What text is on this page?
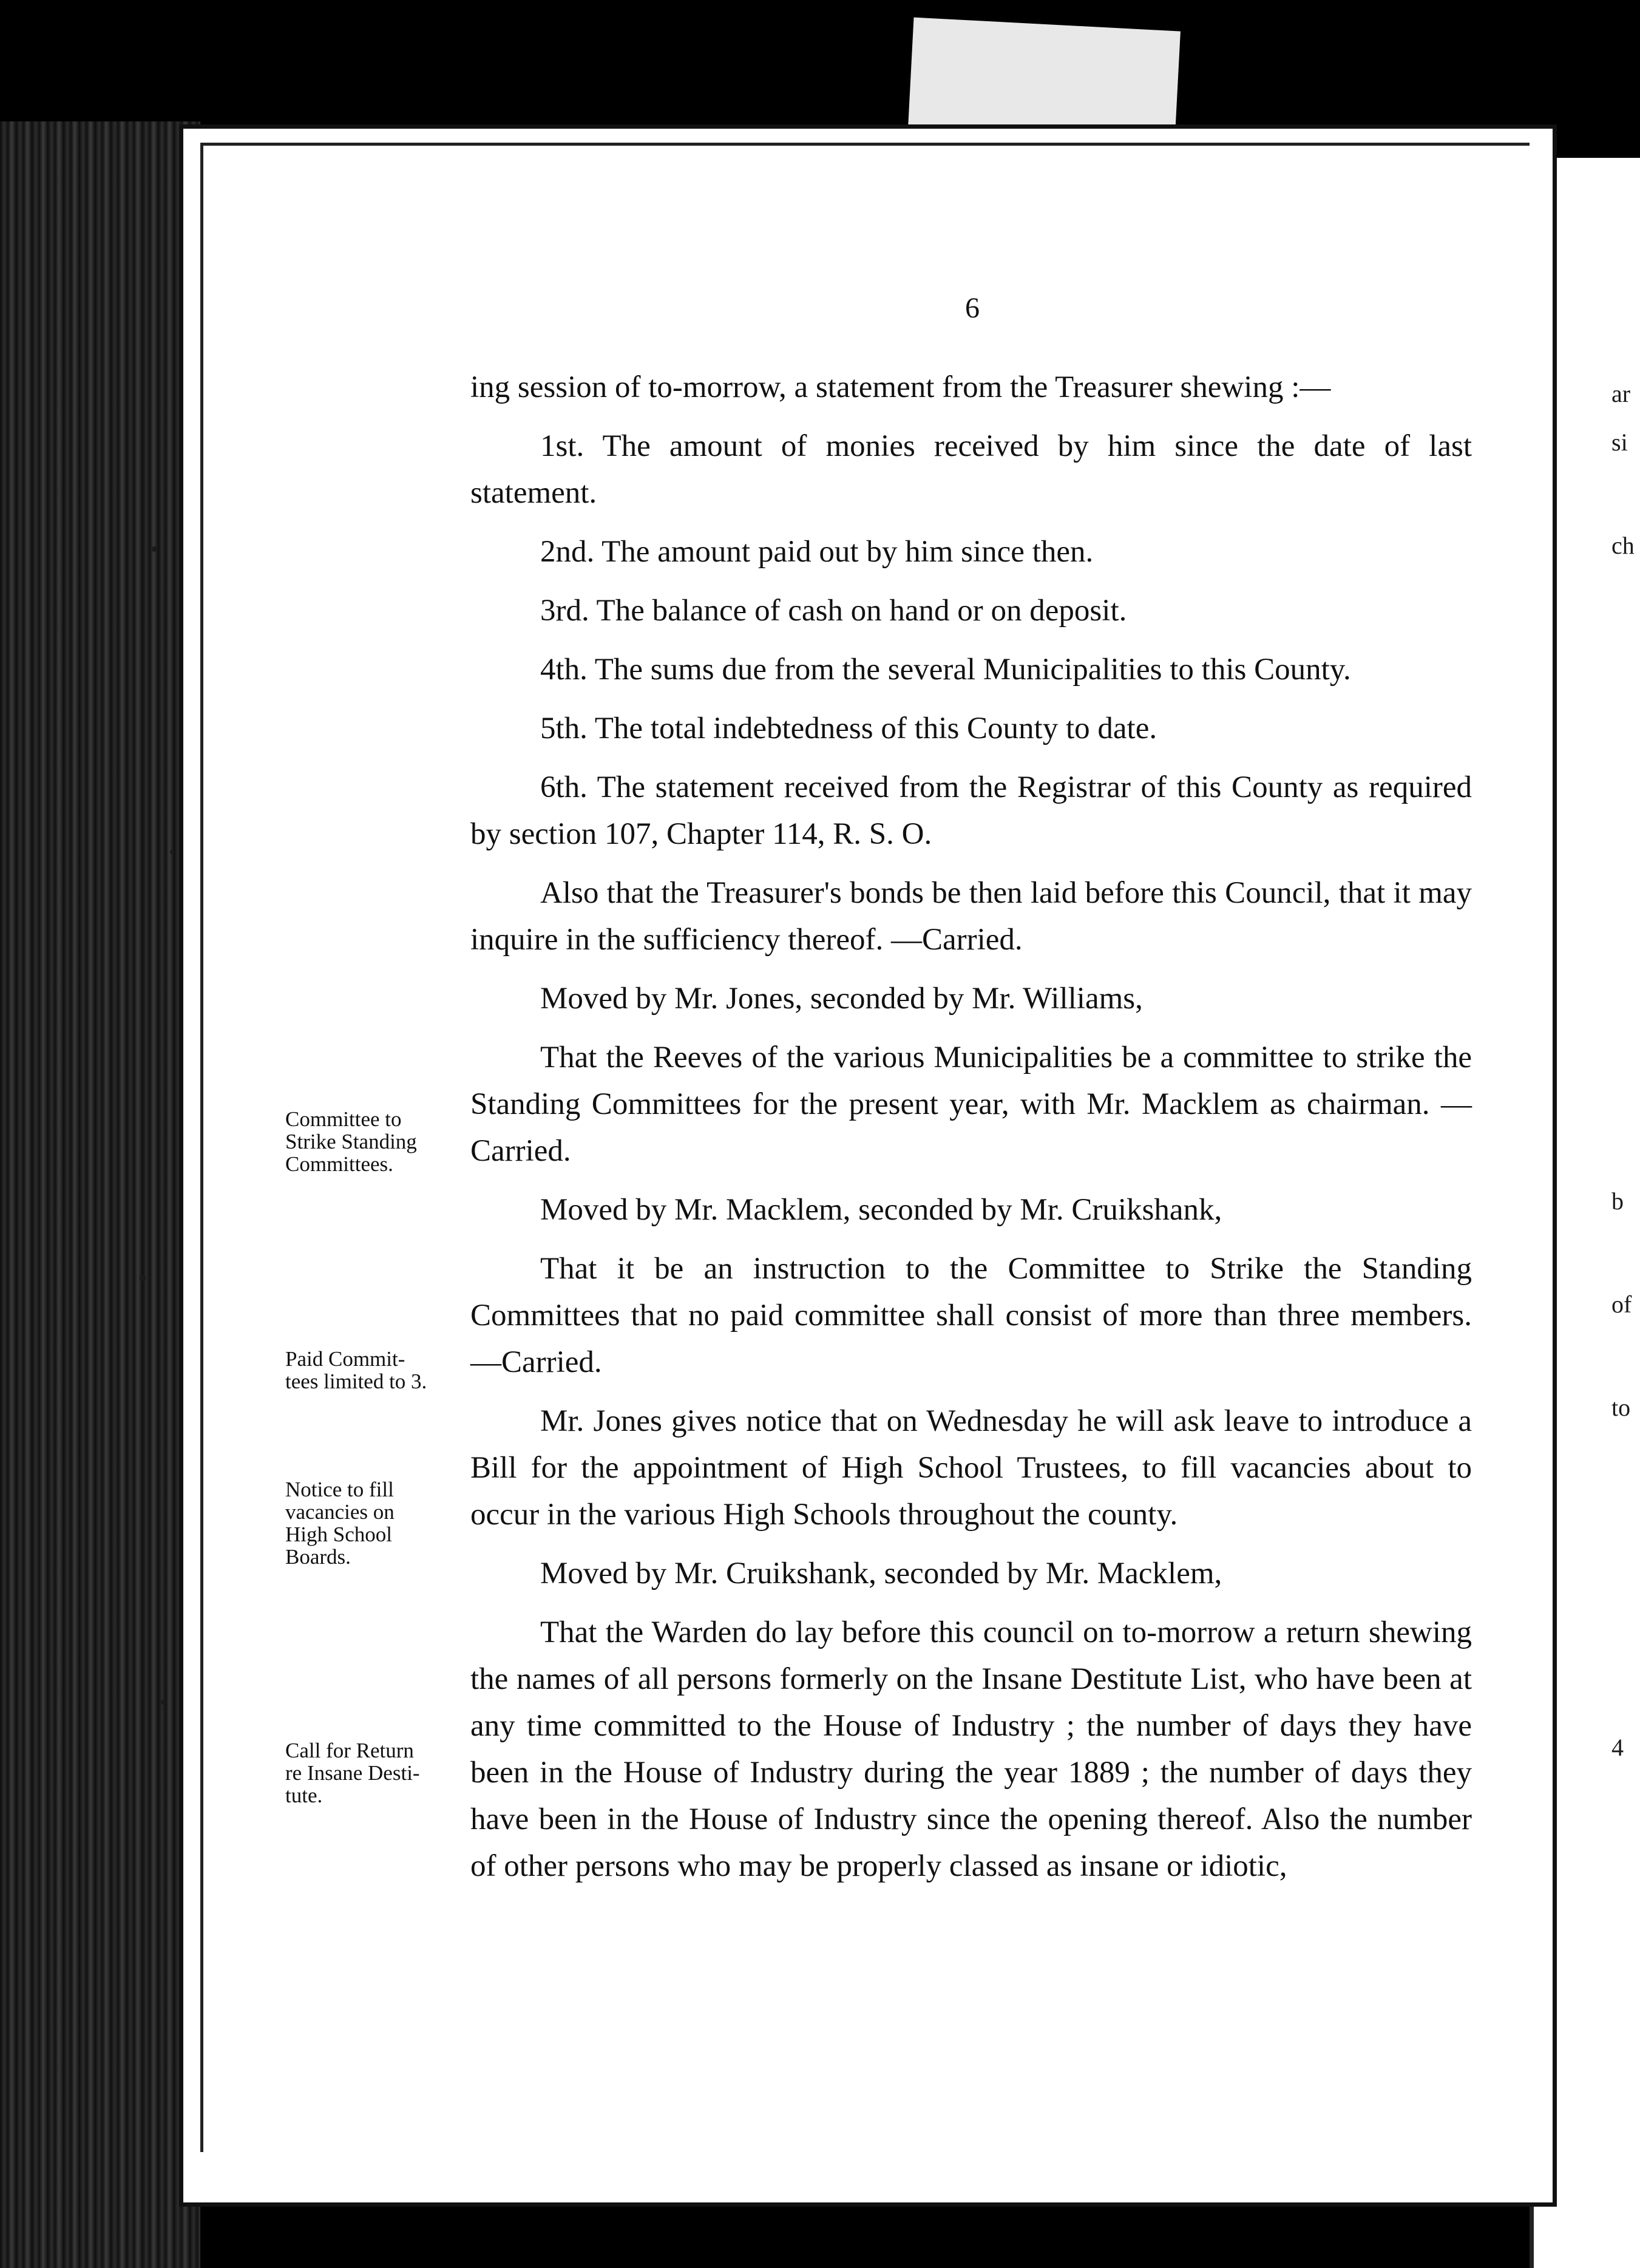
6

ing session of to-morrow, a statement from the Treasurer shewing :—

1st. The amount of monies received by him since the date of last statement.

2nd. The amount paid out by him since then.

3rd. The balance of cash on hand or on deposit.

4th. The sums due from the several Municipalities to this County.

5th. The total indebtedness of this County to date.

6th. The statement received from the Registrar of this County as required by section 107, Chapter 114, R. S. O.

Also that the Treasurer's bonds be then laid before this Council, that it may inquire in the sufficiency thereof. —Carried.

Moved by Mr. Jones, seconded by Mr. Williams,

That the Reeves of the various Municipalities be a committee to strike the Standing Committees for the present year, with Mr. Macklem as chairman. —Carried.

Moved by Mr. Macklem, seconded by Mr. Cruikshank,

That it be an instruction to the Committee to Strike the Standing Committees that no paid committee shall consist of more than three members. —Carried.

Mr. Jones gives notice that on Wednesday he will ask leave to introduce a Bill for the appointment of High School Trustees, to fill vacancies about to occur in the various High Schools throughout the county.

Moved by Mr. Cruikshank, seconded by Mr. Macklem,

That the Warden do lay before this council on to-morrow a return shewing the names of all persons formerly on the Insane Destitute List, who have been at any time committed to the House of Industry ; the number of days they have been in the House of Industry during the year 1889 ; the number of days they have been in the House of Industry since the opening thereof. Also the number of other persons who may be properly classed as insane or idiotic,

Committee to
Strike Standing
Committees.
Paid Commit-
tees limited to 3.
Notice to fill
vacancies on
High School
Boards.
Call for Return
re Insane Desti-
tute.
ar
si
ch
b
of
to
4
